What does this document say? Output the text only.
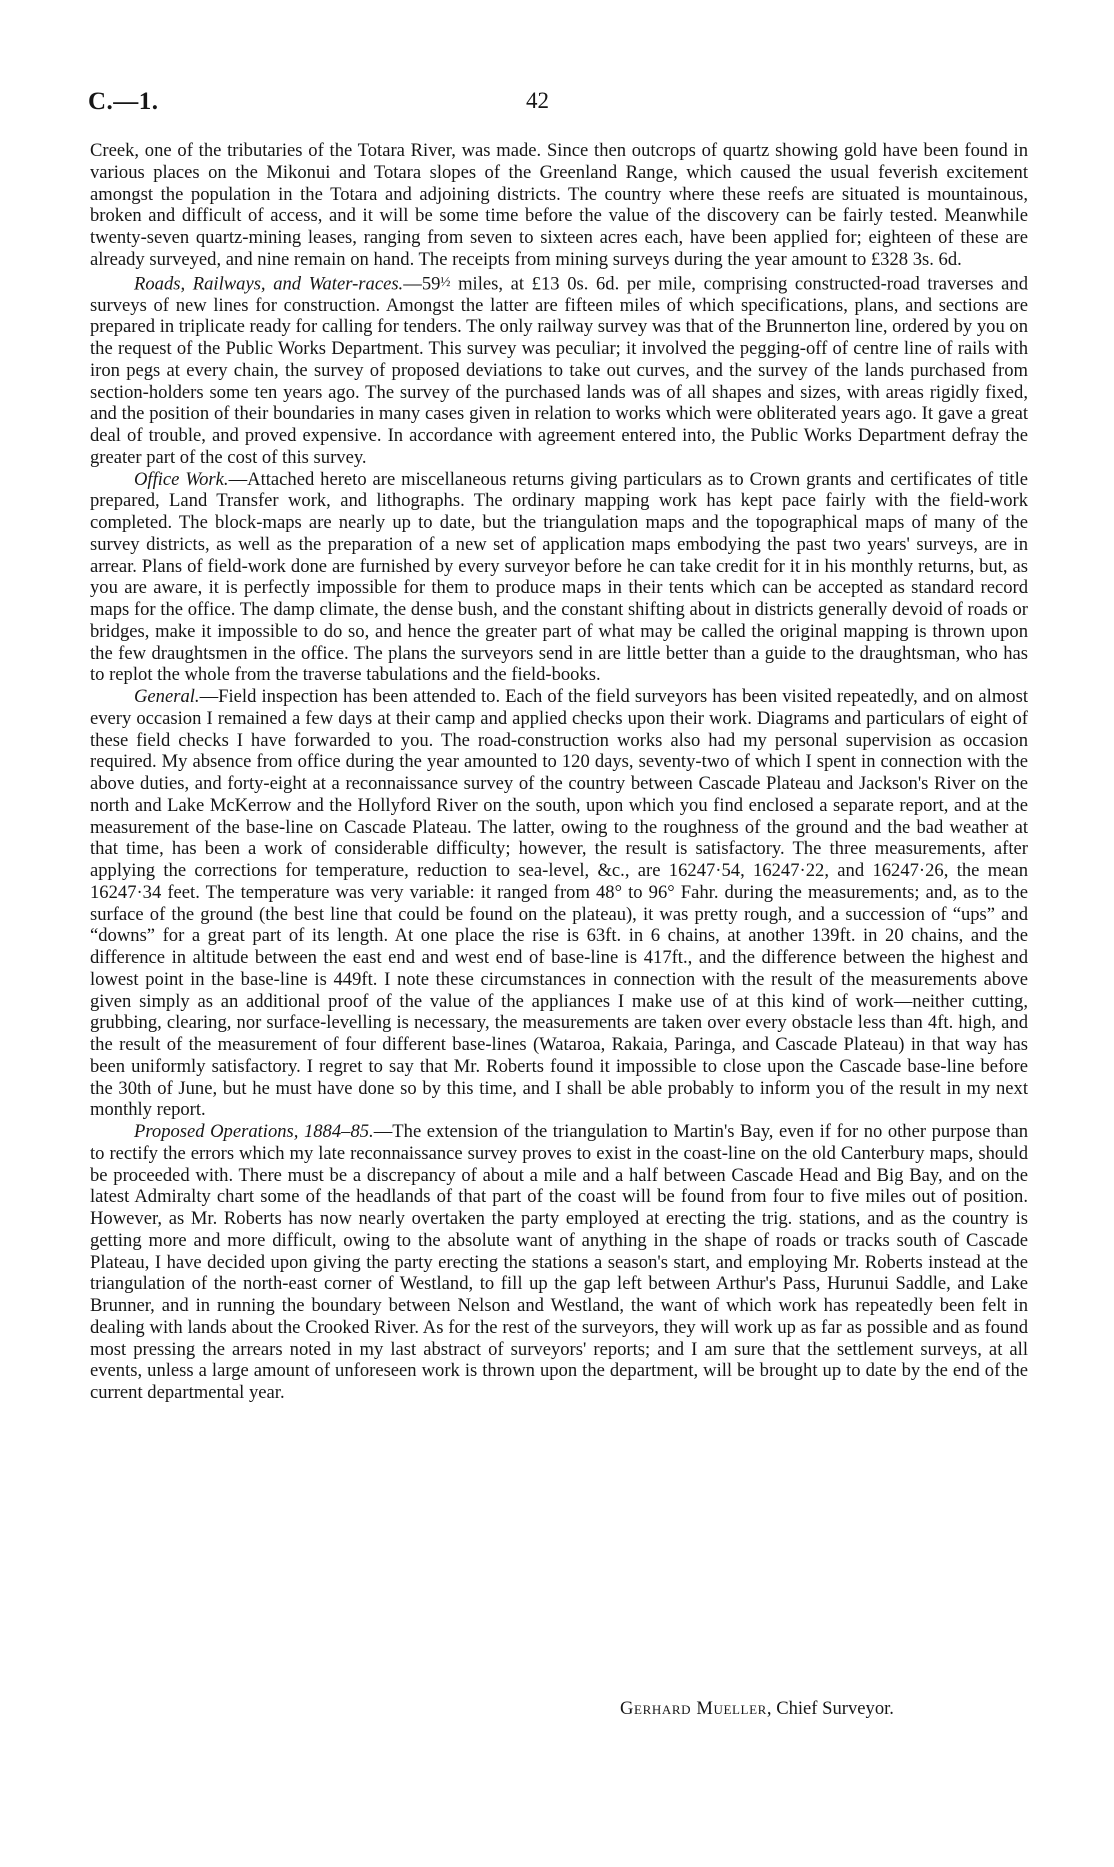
C.—1.	42

Creek, one of the tributaries of the Totara River, was made. Since then outcrops of quartz showing gold have been found in various places on the Mikonui and Totara slopes of the Greenland Range, which caused the usual feverish excitement amongst the population in the Totara and adjoining districts. The country where these reefs are situated is mountainous, broken and difficult of access, and it will be some time before the value of the discovery can be fairly tested. Meanwhile twenty-seven quartz-mining leases, ranging from seven to sixteen acres each, have been applied for; eighteen of these are already surveyed, and nine remain on hand. The receipts from mining surveys during the year amount to £328 3s. 6d.

Roads, Railways, and Water-races.—59½ miles, at £13 0s. 6d. per mile, comprising constructed-road traverses and surveys of new lines for construction. Amongst the latter are fifteen miles of which specifications, plans, and sections are prepared in triplicate ready for calling for tenders. The only railway survey was that of the Brunnerton line, ordered by you on the request of the Public Works Department. This survey was peculiar; it involved the pegging-off of centre line of rails with iron pegs at every chain, the survey of proposed deviations to take out curves, and the survey of the lands purchased from section-holders some ten years ago. The survey of the purchased lands was of all shapes and sizes, with areas rigidly fixed, and the position of their boundaries in many cases given in relation to works which were obliterated years ago. It gave a great deal of trouble, and proved expensive. In accordance with agreement entered into, the Public Works Department defray the greater part of the cost of this survey.

Office Work.—Attached hereto are miscellaneous returns giving particulars as to Crown grants and certificates of title prepared, Land Transfer work, and lithographs. The ordinary mapping work has kept pace fairly with the field-work completed. The block-maps are nearly up to date, but the triangulation maps and the topographical maps of many of the survey districts, as well as the preparation of a new set of application maps embodying the past two years' surveys, are in arrear. Plans of field-work done are furnished by every surveyor before he can take credit for it in his monthly returns, but, as you are aware, it is perfectly impossible for them to produce maps in their tents which can be accepted as standard record maps for the office. The damp climate, the dense bush, and the constant shifting about in districts generally devoid of roads or bridges, make it impossible to do so, and hence the greater part of what may be called the original mapping is thrown upon the few draughtsmen in the office. The plans the surveyors send in are little better than a guide to the draughtsman, who has to replot the whole from the traverse tabulations and the field-books.

General.—Field inspection has been attended to. Each of the field surveyors has been visited repeatedly, and on almost every occasion I remained a few days at their camp and applied checks upon their work. Diagrams and particulars of eight of these field checks I have forwarded to you. The road-construction works also had my personal supervision as occasion required. My absence from office during the year amounted to 120 days, seventy-two of which I spent in connection with the above duties, and forty-eight at a reconnaissance survey of the country between Cascade Plateau and Jackson's River on the north and Lake McKerrow and the Hollyford River on the south, upon which you find enclosed a separate report, and at the measurement of the base-line on Cascade Plateau. The latter, owing to the roughness of the ground and the bad weather at that time, has been a work of considerable difficulty; however, the result is satisfactory. The three measurements, after applying the corrections for temperature, reduction to sea-level, &c., are 16247·54, 16247·22, and 16247·26, the mean 16247·34 feet. The temperature was very variable: it ranged from 48° to 96° Fahr. during the measurements; and, as to the surface of the ground (the best line that could be found on the plateau), it was pretty rough, and a succession of “ups” and “downs” for a great part of its length. At one place the rise is 63ft. in 6 chains, at another 139ft. in 20 chains, and the difference in altitude between the east end and west end of base-line is 417ft., and the difference between the highest and lowest point in the base-line is 449ft. I note these circumstances in connection with the result of the measurements above given simply as an additional proof of the value of the appliances I make use of at this kind of work—neither cutting, grubbing, clearing, nor surface-levelling is necessary, the measurements are taken over every obstacle less than 4ft. high, and the result of the measurement of four different base-lines (Wataroa, Rakaia, Paringa, and Cascade Plateau) in that way has been uniformly satisfactory. I regret to say that Mr. Roberts found it impossible to close upon the Cascade base-line before the 30th of June, but he must have done so by this time, and I shall be able probably to inform you of the result in my next monthly report.

Proposed Operations, 1884–85.—The extension of the triangulation to Martin's Bay, even if for no other purpose than to rectify the errors which my late reconnaissance survey proves to exist in the coast-line on the old Canterbury maps, should be proceeded with. There must be a discrepancy of about a mile and a half between Cascade Head and Big Bay, and on the latest Admiralty chart some of the headlands of that part of the coast will be found from four to five miles out of position. However, as Mr. Roberts has now nearly overtaken the party employed at erecting the trig. stations, and as the country is getting more and more difficult, owing to the absolute want of anything in the shape of roads or tracks south of Cascade Plateau, I have decided upon giving the party erecting the stations a season's start, and employing Mr. Roberts instead at the triangulation of the north-east corner of Westland, to fill up the gap left between Arthur's Pass, Hurunui Saddle, and Lake Brunner, and in running the boundary between Nelson and Westland, the want of which work has repeatedly been felt in dealing with lands about the Crooked River. As for the rest of the surveyors, they will work up as far as possible and as found most pressing the arrears noted in my last abstract of surveyors' reports; and I am sure that the settlement surveys, at all events, unless a large amount of unforeseen work is thrown upon the department, will be brought up to date by the end of the current departmental year.

Gerhard Mueller, Chief Surveyor.
